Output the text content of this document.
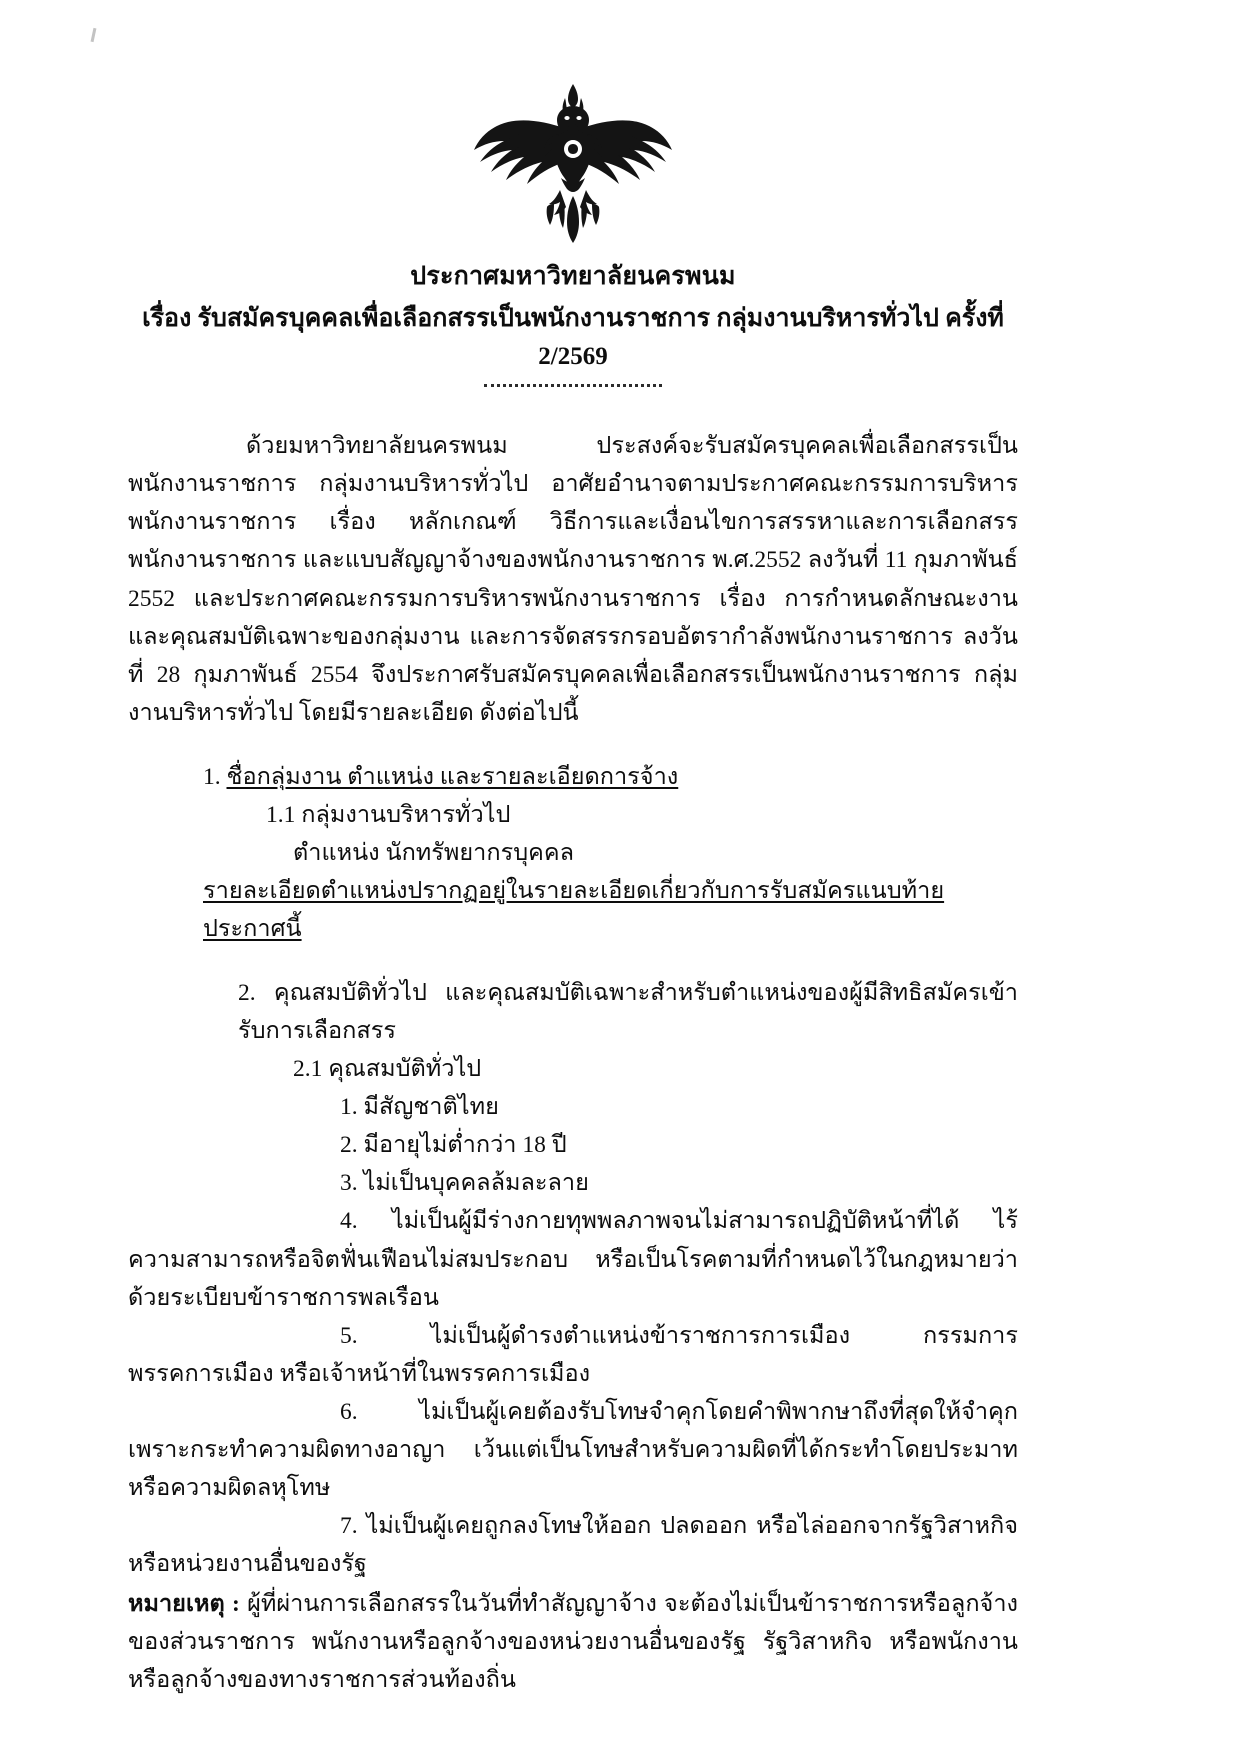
ประกาศมหาวิทยาลัยนครพนม
เรื่อง รับสมัครบุคคลเพื่อเลือกสรรเป็นพนักงานราชการ กลุ่มงานบริหารทั่วไป ครั้งที่ 2/2569

ด้วยมหาวิทยาลัยนครพนม ประสงค์จะรับสมัครบุคคลเพื่อเลือกสรรเป็นพนักงานราชการ กลุ่มงานบริหารทั่วไป อาศัยอำนาจตามประกาศคณะกรรมการบริหารพนักงานราชการ เรื่อง หลักเกณฑ์ วิธีการและเงื่อนไขการสรรหาและการเลือกสรรพนักงานราชการ และแบบสัญญาจ้างของพนักงานราชการ พ.ศ.2552 ลงวันที่ 11 กุมภาพันธ์ 2552 และประกาศคณะกรรมการบริหารพนักงานราชการ เรื่อง การกำหนดลักษณะงานและคุณสมบัติเฉพาะของกลุ่มงาน และการจัดสรรกรอบอัตรากำลังพนักงานราชการ ลงวันที่ 28 กุมภาพันธ์ 2554 จึงประกาศรับสมัครบุคคลเพื่อเลือกสรรเป็นพนักงานราชการ กลุ่มงานบริหารทั่วไป โดยมีรายละเอียด ดังต่อไปนี้

1. ชื่อกลุ่มงาน ตำแหน่ง และรายละเอียดการจ้าง

1.1 กลุ่มงานบริหารทั่วไป

ตำแหน่ง นักทรัพยากรบุคคล

รายละเอียดตำแหน่งปรากฏอยู่ในรายละเอียดเกี่ยวกับการรับสมัครแนบท้ายประกาศนี้

2. คุณสมบัติทั่วไป และคุณสมบัติเฉพาะสำหรับตำแหน่งของผู้มีสิทธิสมัครเข้ารับการเลือกสรร

2.1 คุณสมบัติทั่วไป

1. มีสัญชาติไทย

2. มีอายุไม่ต่ำกว่า 18 ปี

3. ไม่เป็นบุคคลล้มละลาย

4. ไม่เป็นผู้มีร่างกายทุพพลภาพจนไม่สามารถปฏิบัติหน้าที่ได้ ไร้ความสามารถหรือจิตฟั่นเฟือนไม่สมประกอบ หรือเป็นโรคตามที่กำหนดไว้ในกฎหมายว่าด้วยระเบียบข้าราชการพลเรือน

5. ไม่เป็นผู้ดำรงตำแหน่งข้าราชการการเมือง กรรมการพรรคการเมือง หรือเจ้าหน้าที่ในพรรคการเมือง

6. ไม่เป็นผู้เคยต้องรับโทษจำคุกโดยคำพิพากษาถึงที่สุดให้จำคุกเพราะกระทำความผิดทางอาญา เว้นแต่เป็นโทษสำหรับความผิดที่ได้กระทำโดยประมาทหรือความผิดลหุโทษ

7. ไม่เป็นผู้เคยถูกลงโทษให้ออก ปลดออก หรือไล่ออกจากรัฐวิสาหกิจ หรือหน่วยงานอื่นของรัฐ

หมายเหตุ : ผู้ที่ผ่านการเลือกสรรในวันที่ทำสัญญาจ้าง จะต้องไม่เป็นข้าราชการหรือลูกจ้างของส่วนราชการ พนักงานหรือลูกจ้างของหน่วยงานอื่นของรัฐ รัฐวิสาหกิจ หรือพนักงานหรือลูกจ้างของทางราชการส่วนท้องถิ่น
